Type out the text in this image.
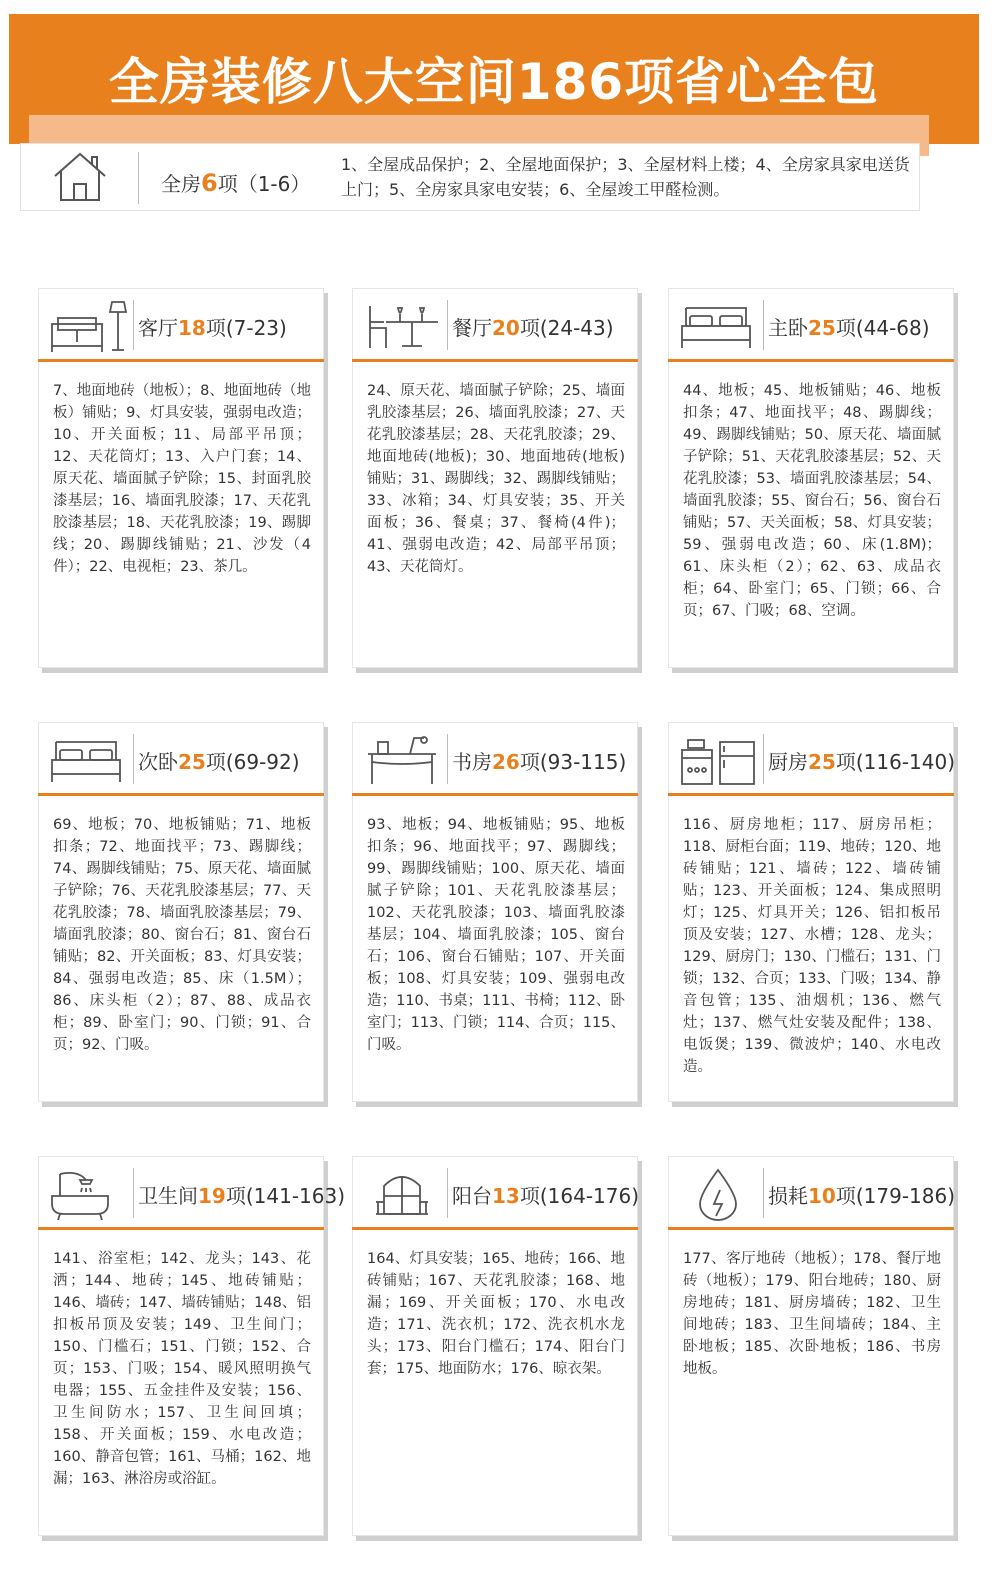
全房装修八大空间186项省心全包
全房6项（1-6）
1、全屋成品保护；2、全屋地面保护；3、全屋材料上楼；4、全房家具家电送货上门；5、全房家具家电安装；6、全屋竣工甲醛检测。
客厅18项(7-23)
7、地面地砖（地板）；8、地面地砖（地板）铺贴；9、灯具安装，强弱电改造；10、开关面板；11、局部平吊顶；12、天花筒灯；13、入户门套；14、原天花、墙面腻子铲除；15、封面乳胶漆基层；16、墙面乳胶漆；17、天花乳胶漆基层；18、天花乳胶漆；19、踢脚线；20、踢脚线铺贴；21、沙发（4件）；22、电视柜；23、茶几。
餐厅20项(24-43)
24、原天花、墙面腻子铲除；25、墙面乳胶漆基层；26、墙面乳胶漆；27、天花乳胶漆基层；28、天花乳胶漆；29、地面地砖(地板)；30、地面地砖(地板)铺贴；31、踢脚线；32、踢脚线铺贴；33、冰箱；34、灯具安装；35、开关面板；36、餐桌；37、餐椅(4件)；41、强弱电改造；42、局部平吊顶；43、天花筒灯。
主卧25项(44-68)
44、地板；45、地板铺贴；46、地板扣条；47、地面找平；48、踢脚线；49、踢脚线铺贴；50、原天花、墙面腻子铲除；51、天花乳胶漆基层；52、天花乳胶漆；53、墙面乳胶漆基层；54、墙面乳胶漆；55、窗台石；56、窗台石铺贴；57、天关面板；58、灯具安装；59、强弱电改造；60、床(1.8M)；61、床头柜（2）；62、63、成品衣柜；64、卧室门；65、门锁；66、合页；67、门吸；68、空调。
次卧25项(69-92)
69、地板；70、地板铺贴；71、地板扣条；72、地面找平；73、踢脚线；74、踢脚线铺贴；75、原天花、墙面腻子铲除；76、天花乳胶漆基层；77、天花乳胶漆；78、墙面乳胶漆基层；79、墙面乳胶漆；80、窗台石；81、窗台石铺贴；82、开关面板；83、灯具安装；84、强弱电改造；85、床（1.5M）；86、床头柜（2）；87、88、成品衣柜；89、卧室门；90、门锁；91、合页；92、门吸。
书房26项(93-115)
93、地板；94、地板铺贴；95、地板扣条；96、地面找平；97、踢脚线；99、踢脚线铺贴；100、原天花、墙面腻子铲除；101、天花乳胶漆基层；102、天花乳胶漆；103、墙面乳胶漆基层；104、墙面乳胶漆；105、窗台石；106、窗台石铺贴；107、开关面板；108、灯具安装；109、强弱电改造；110、书桌；111、书椅；112、卧室门；113、门锁；114、合页；115、门吸。
厨房25项(116-140)
116、厨房地柜；117、厨房吊柜；118、厨柜台面；119、地砖；120、地砖铺贴；121、墙砖；122、墙砖铺贴；123、开关面板；124、集成照明灯；125、灯具开关；126、铝扣板吊顶及安装；127、水槽；128、龙头；129、厨房门；130、门槛石；131、门锁；132、合页；133、门吸；134、静音包管；135、油烟机；136、燃气灶；137、燃气灶安装及配件；138、电饭煲；139、微波炉；140、水电改造。
卫生间19项(141-163)
141、浴室柜；142、龙头；143、花洒；144、地砖；145、地砖铺贴；146、墙砖；147、墙砖铺贴；148、铝扣板吊顶及安装；149、卫生间门；150、门槛石；151、门锁；152、合页；153、门吸；154、暖风照明换气电器；155、五金挂件及安装；156、卫生间防水；157、卫生间回填；158、开关面板；159、水电改造；160、静音包管；161、马桶；162、地漏；163、淋浴房或浴缸。
阳台13项(164-176)
164、灯具安装；165、地砖；166、地砖铺贴；167、天花乳胶漆；168、地漏；169、开关面板；170、水电改造；171、洗衣机；172、洗衣机水龙头；173、阳台门槛石；174、阳台门套；175、地面防水；176、晾衣架。
损耗10项(179-186)
177、客厅地砖（地板）；178、餐厅地砖（地板）；179、阳台地砖；180、厨房地砖；181、厨房墙砖；182、卫生间地砖；183、卫生间墙砖；184、主卧地板；185、次卧地板；186、书房地板。
